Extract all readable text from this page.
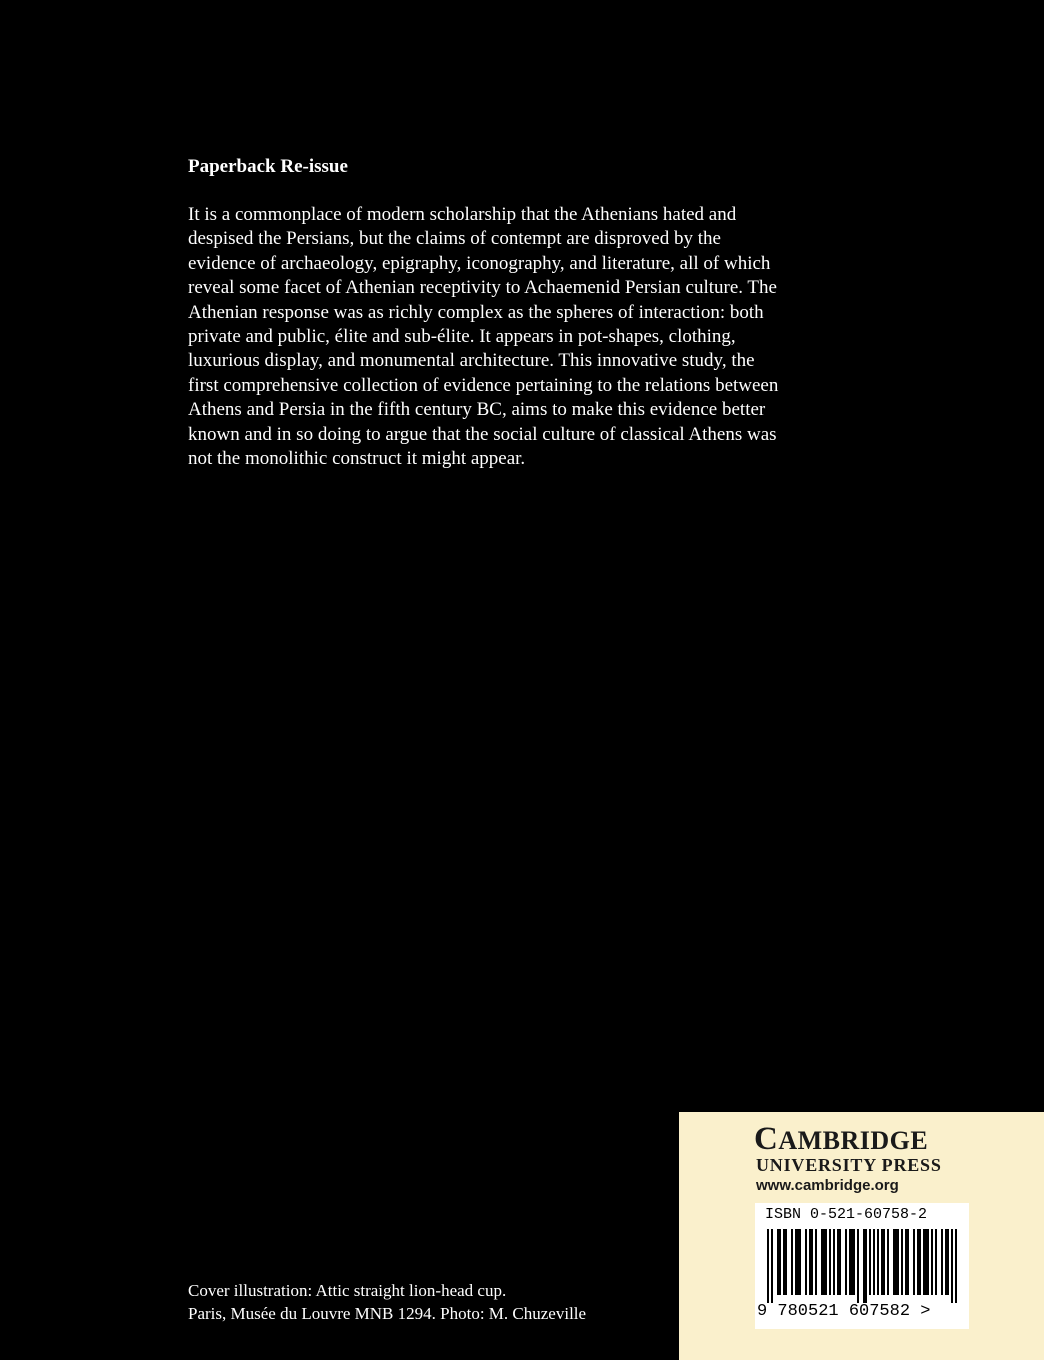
Paperback Re-issue

It is a commonplace of modern scholarship that the Athenians hated and
despised the Persians, but the claims of contempt are disproved by the
evidence of archaeology, epigraphy, iconography, and literature, all of which
reveal some facet of Athenian receptivity to Achaemenid Persian culture. The
Athenian response was as richly complex as the spheres of interaction: both
private and public, élite and sub-élite. It appears in pot-shapes, clothing,
luxurious display, and monumental architecture. This innovative study, the
first comprehensive collection of evidence pertaining to the relations between
Athens and Persia in the fifth century BC, aims to make this evidence better
known and in so doing to argue that the social culture of classical Athens was
not the monolithic construct it might appear.

Cover illustration: Attic straight lion-head cup.
Paris, Musée du Louvre MNB 1294. Photo: M. Chuzeville
CAMBRIDGE
UNIVERSITY PRESS
www.cambridge.org
ISBN 0-521-60758-2
9 780521 607582 >
